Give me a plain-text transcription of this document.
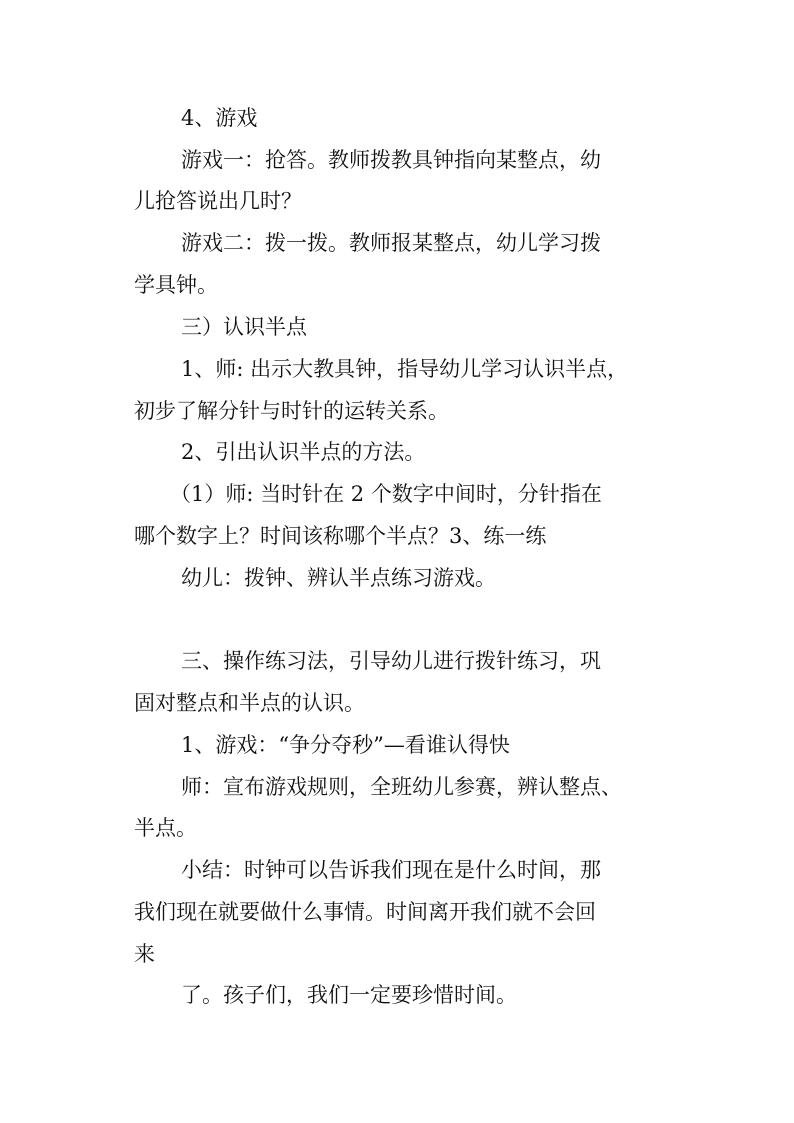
4、游戏

游戏一：抢答。教师拨教具钟指向某整点，幼

儿抢答说出几时？

游戏二：拨一拨。教师报某整点，幼儿学习拨

学具钟。

三）认识半点

1、师: 出示大教具钟，指导幼儿学习认识半点，

初步了解分针与时针的运转关系。

2、引出认识半点的方法。

（1）师: 当时针在 2 个数字中间时，分针指在

哪个数字上？时间该称哪个半点？3、练一练

幼儿：拨钟、辨认半点练习游戏。

三、操作练习法，引导幼儿进行拨针练习，巩

固对整点和半点的认识。

1、游戏：“争分夺秒”—看谁认得快

师：宣布游戏规则，全班幼儿参赛，辨认整点、

半点。

小结：时钟可以告诉我们现在是什么时间，那

我们现在就要做什么事情。时间离开我们就不会回

来

了。孩子们，我们一定要珍惜时间。
